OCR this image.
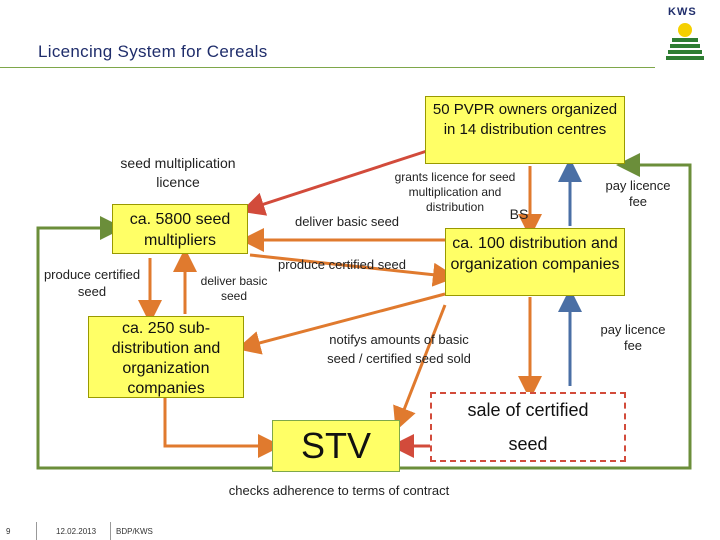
Licencing System for Cereals
KWS
50 PVPR owners organized in 14 distribution centres
ca. 5800 seed multipliers	ca. 100 distribution and organization companies
ca. 250 sub-distribution and organization companies
STV
sale of certified
seed
seed multiplication licence	grants licence for seed multiplication and distribution	BS
pay licence fee
deliver basic seed
produce certified seed
produce certified seed
deliver basic seed
notifys amounts of basic seed / certified seed sold
pay licence fee
checks adherence to terms of contract
9	12.02.2013 BDP/KWS
